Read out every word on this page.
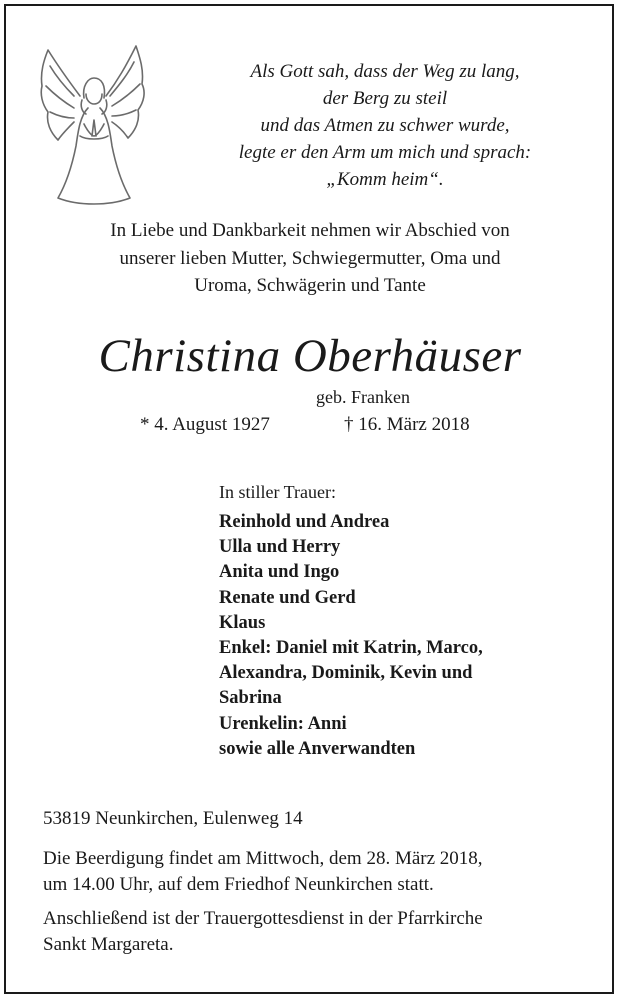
Als Gott sah, dass der Weg zu lang,
der Berg zu steil
und das Atmen zu schwer wurde,
legte er den Arm um mich und sprach:
„Komm heim“.
In Liebe und Dankbarkeit nehmen wir Abschied von
unserer lieben Mutter, Schwiegermutter, Oma und
Uroma, Schwägerin und Tante
Christina Oberhäuser
geb. Franken
* 4. August 1927	† 16. März 2018
In stiller Trauer:
Reinhold und Andrea
Ulla und Herry
Anita und Ingo
Renate und Gerd
Klaus
Enkel: Daniel mit Katrin, Marco,
Alexandra, Dominik, Kevin und
Sabrina
Urenkelin: Anni
sowie alle Anverwandten
53819 Neunkirchen, Eulenweg 14
Die Beerdigung findet am Mittwoch, dem 28. März 2018,
um 14.00 Uhr, auf dem Friedhof Neunkirchen statt.
Anschließend ist der Trauergottesdienst in der Pfarrkirche
Sankt Margareta.
